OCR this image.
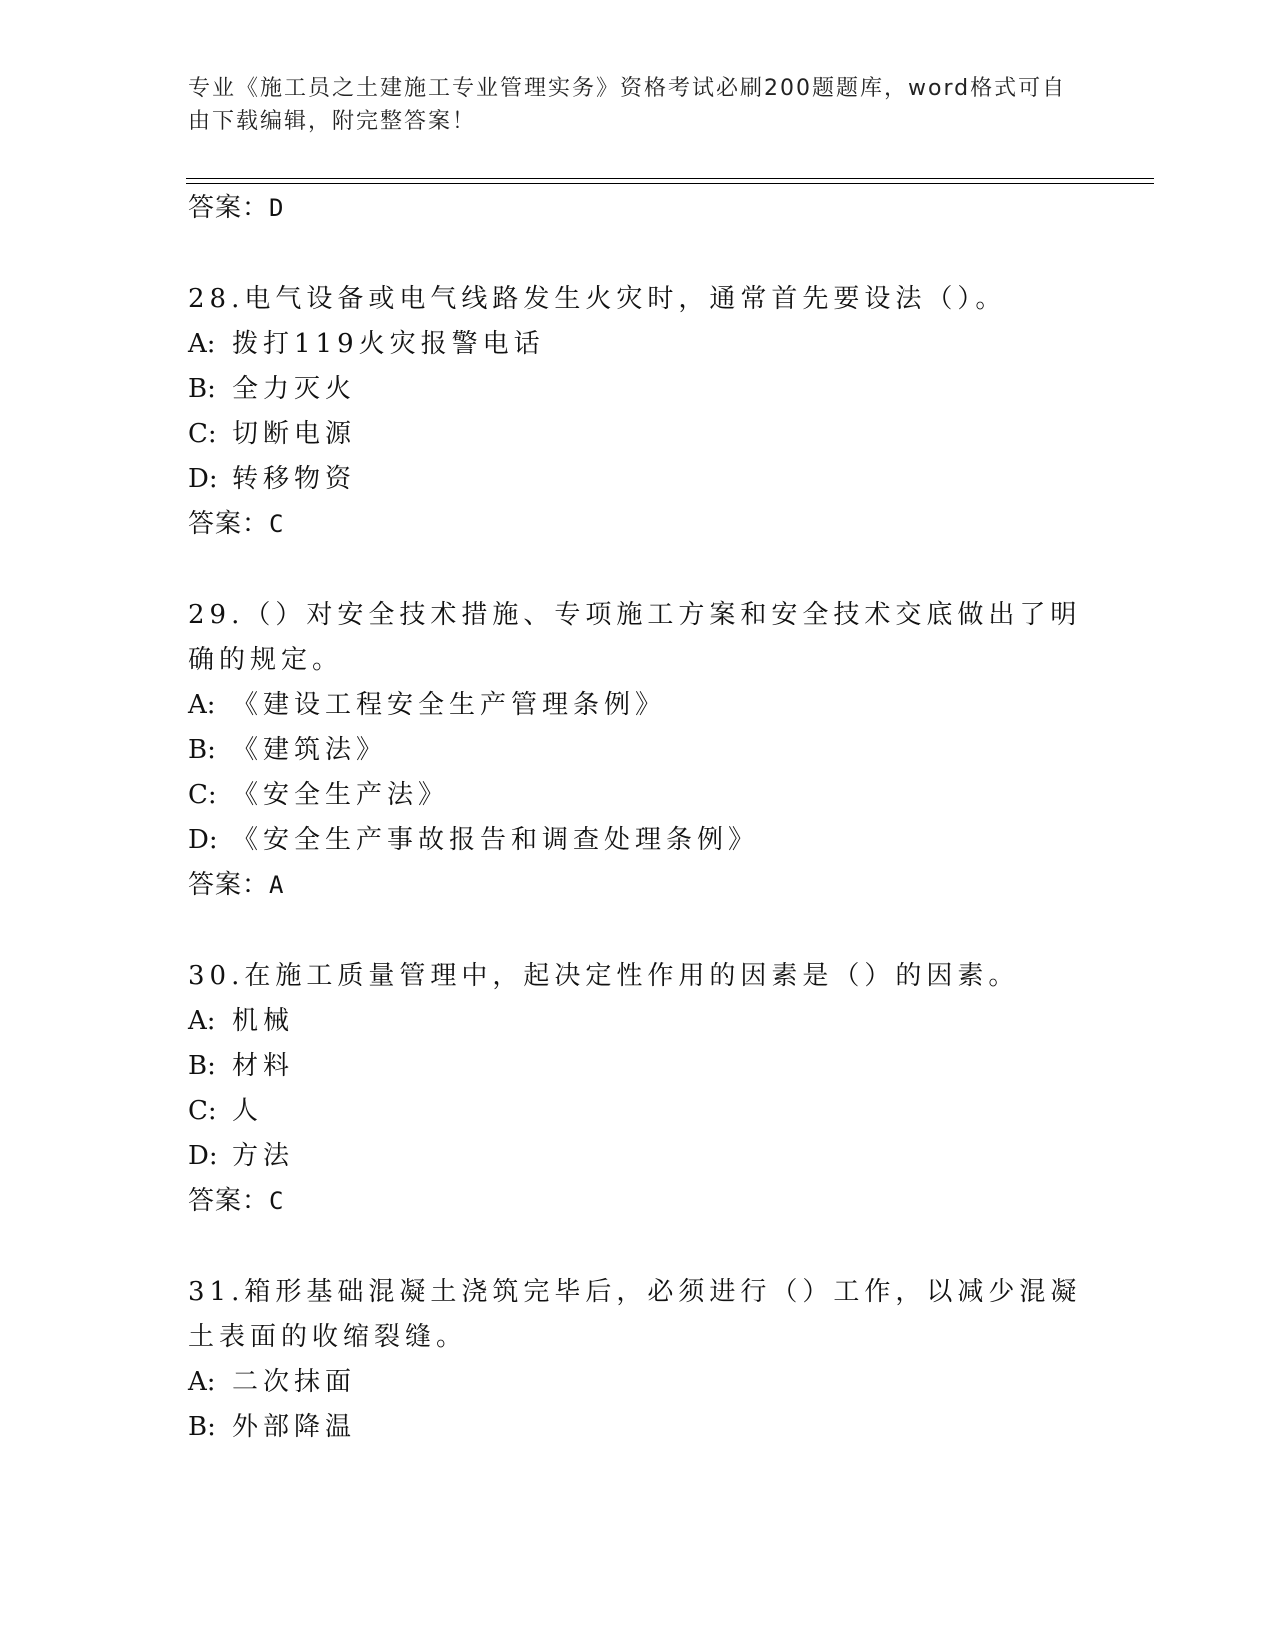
专业《施工员之土建施工专业管理实务》资格考试必刷200题题库，word格式可自由下载编辑，附完整答案！
答案：D
28.电气设备或电气线路发生火灾时，通常首先要设法（）。
A: 拨打119火灾报警电话
B: 全力灭火
C: 切断电源
D: 转移物资
答案：C
29.（）对安全技术措施、专项施工方案和安全技术交底做出了明确的规定。
A: 《建设工程安全生产管理条例》
B: 《建筑法》
C: 《安全生产法》
D: 《安全生产事故报告和调查处理条例》
答案：A
30.在施工质量管理中，起决定性作用的因素是（）的因素。
A: 机械
B: 材料
C: 人
D: 方法
答案：C
31.箱形基础混凝土浇筑完毕后，必须进行（）工作，以减少混凝土表面的收缩裂缝。
A: 二次抹面
B: 外部降温
